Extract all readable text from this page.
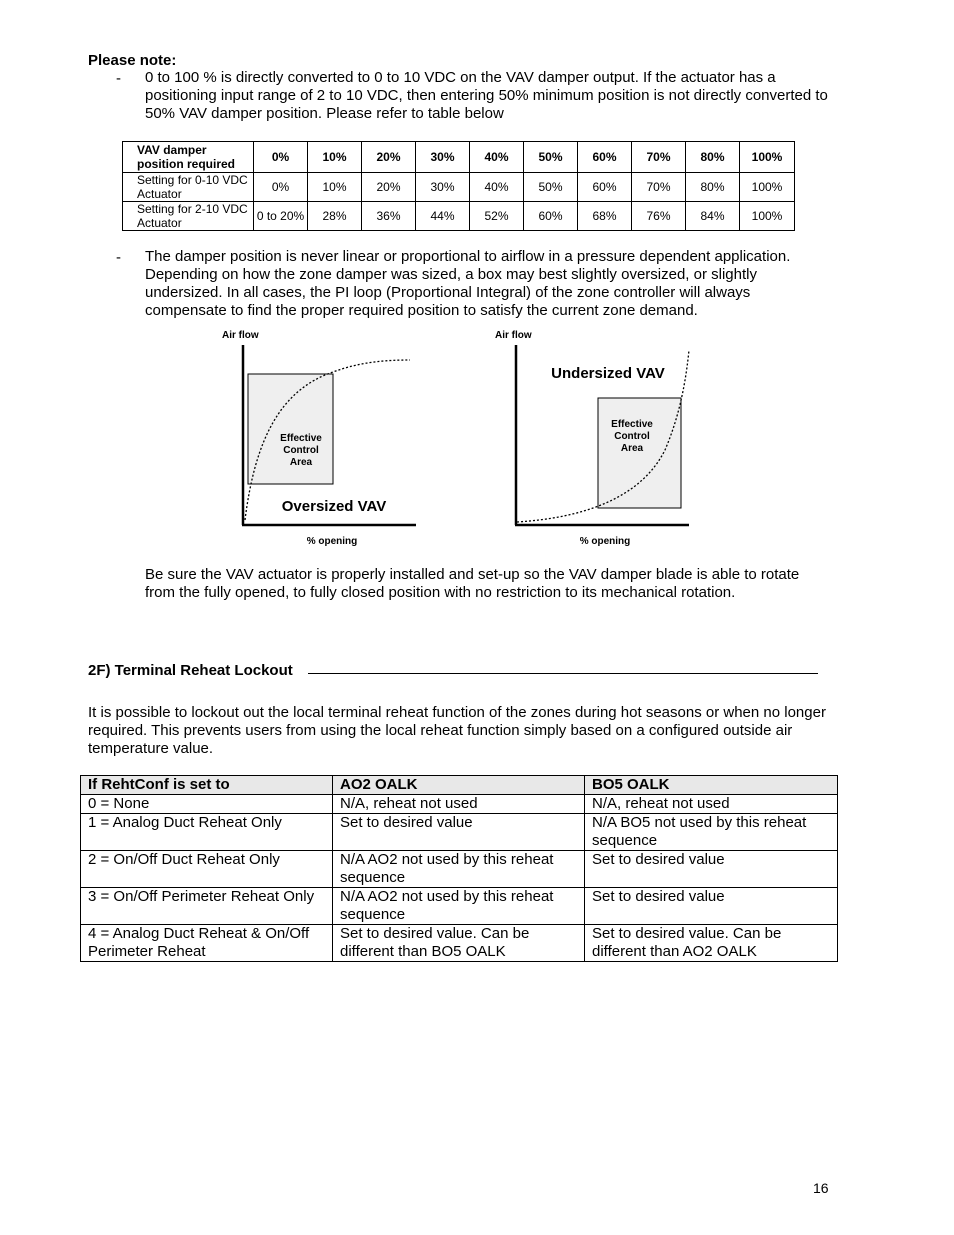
Please note:
- 0 to 100 % is directly converted to 0 to 10 VDC on the VAV damper output. If the actuator has a positioning input range of 2 to 10 VDC, then entering 50% minimum position is not directly converted to 50% VAV damper position. Please refer to table below
VAV damper position required	0%	10%	20%	30%	40%	50%	60%	70%	80%	100%
Setting for 0-10 VDC Actuator	0%	10%	20%	30%	40%	50%	60%	70%	80%	100%
Setting for 2-10 VDC Actuator	0 to 20%	28%	36%	44%	52%	60%	68%	76%	84%	100%
- The damper position is never linear or proportional to airflow in a pressure dependent application. Depending on how the zone damper was sized, a box may best slightly oversized, or slightly undersized. In all cases, the PI loop (Proportional Integral) of the zone controller will always compensate to find the proper required position to satisfy the current zone demand.
Air flow
Effective Control Area
Oversized VAV
% opening
Air flow
Undersized VAV
Effective Control Area
% opening
Be sure the VAV actuator is properly installed and set-up so the VAV damper blade is able to rotate from the fully opened, to fully closed position with no restriction to its mechanical rotation.
2F) Terminal Reheat Lockout
It is possible to lockout out the local terminal reheat function of the zones during hot seasons or when no longer required. This prevents users from using the local reheat function simply based on a configured outside air temperature value.
If RehtConf is set to	AO2 OALK	BO5 OALK
0 = None	N/A, reheat not used	N/A, reheat not used
1 = Analog Duct Reheat Only	Set to desired value	N/A BO5 not used by this reheat sequence
2 = On/Off Duct Reheat Only	N/A AO2 not used by this reheat sequence	Set to desired value
3 = On/Off Perimeter Reheat Only	N/A AO2 not used by this reheat sequence	Set to desired value
4 = Analog Duct Reheat & On/Off Perimeter Reheat	Set to desired value. Can be different than BO5 OALK	Set to desired value. Can be different than AO2 OALK
16
